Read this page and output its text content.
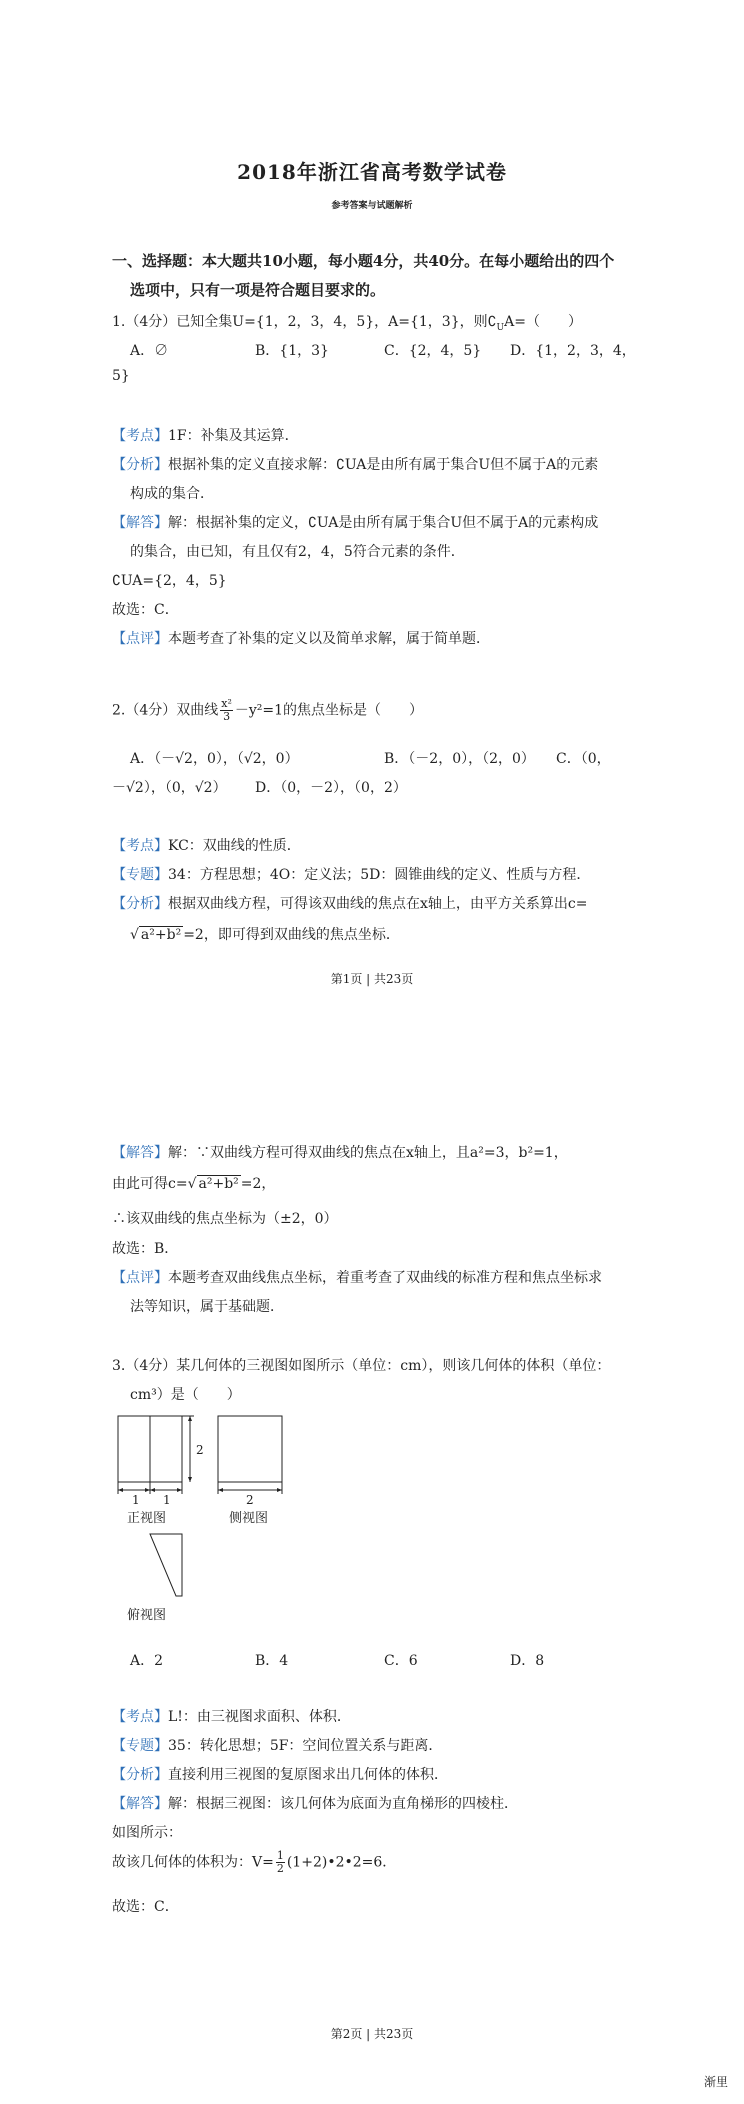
2018年浙江省高考数学试卷
参考答案与试题解析
一、选择题：本大题共10小题，每小题4分，共40分。在每小题给出的四个
选项中，只有一项是符合题目要求的。
1.（4分）已知全集U={1，2，3，4，5}，A={1，3}，则$∁_UA=$（　　）
A．∅	B．{1，3}	C．{2，4，5} D．{1，2，3，4，
5}
【考点】1F：补集及其运算．
【分析】根据补集的定义直接求解：∁UA是由所有属于集合U但不属于A的元素
构成的集合．
【解答】解：根据补集的定义，∁UA是由所有属于集合U但不属于A的元素构成
的集合，由已知，有且仅有2，4，5符合元素的条件．
∁UA={2，4，5}
故选：C．
【点评】本题考查了补集的定义以及简单求解，属于简单题．
2.（4分）双曲线 $\frac{\text{x²}}{3} -y^2=1$的焦点坐标是（　　）
A．（－√2，0），（√2，0）	B．（－2，0），（2，0） C．（0，
－√2），（0，√2） D．（0，－2），（0，2）
【考点】KC：双曲线的性质．
【专题】34：方程思想；4O：定义法；5D：圆锥曲线的定义、性质与方程．
【分析】根据双曲线方程，可得该双曲线的焦点在x轴上，由平方关系算出c=
√ a²+b² =2，即可得到双曲线的焦点坐标．
第1页 | 共23页
【解答】解：∵双曲线方程可得双曲线的焦点在x轴上，且a²=3，b²=1，
由此可得c=√ a²+b² =2，
∴该双曲线的焦点坐标为（±2，0）
故选：B．
【点评】本题考查双曲线焦点坐标，着重考查了双曲线的标准方程和焦点坐标求
法等知识，属于基础题．
3.（4分）某几何体的三视图如图所示（单位：cm），则该几何体的体积（单位：
cm³）是（　　）
1 1
2
2
正视图	侧视图
俯视图
A．2	B．4	C．6	D．8
【考点】L!：由三视图求面积、体积．
【专题】35：转化思想；5F：空间位置关系与距离．
【分析】直接利用三视图的复原图求出几何体的体积．
【解答】解：根据三视图：该几何体为底面为直角梯形的四棱柱．
如图所示：
故该几何体的体积为：$V= \frac{1}{2}$ (1+2)•2•2=6．
故选：C．
第2页 | 共23页
渐里
